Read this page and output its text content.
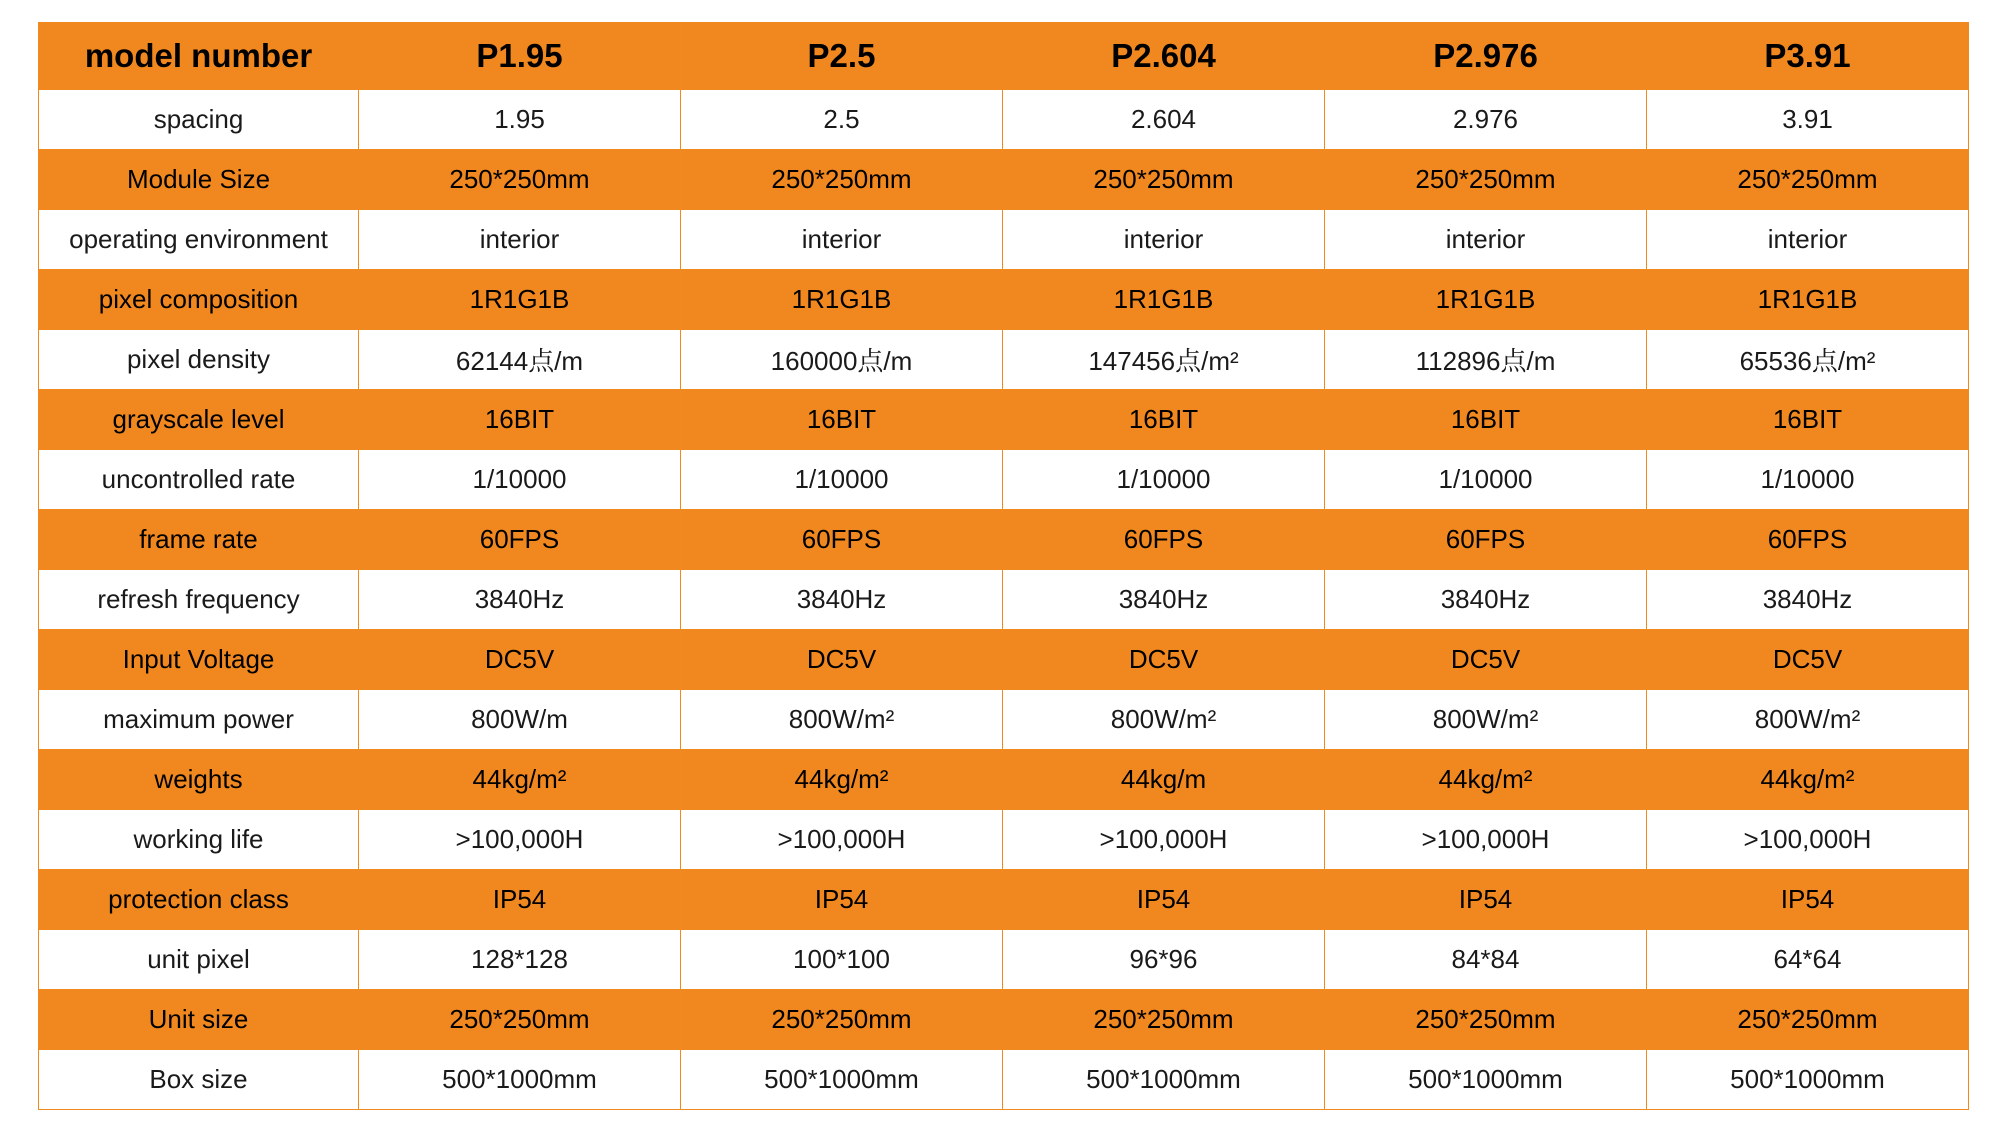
model number	P1.95	P2.5	P2.604	P2.976	P3.91
spacing	1.95	2.5	2.604	2.976	3.91
Module Size	250*250mm	250*250mm	250*250mm	250*250mm	250*250mm
operating environment	interior	interior	interior	interior	interior
pixel composition	1R1G1B	1R1G1B	1R1G1B	1R1G1B	1R1G1B
pixel density	62144点/m	160000点/m	147456点/m²	112896点/m	65536点/m²
grayscale level	16BIT	16BIT	16BIT	16BIT	16BIT
uncontrolled rate	1/10000	1/10000	1/10000	1/10000	1/10000
frame rate	60FPS	60FPS	60FPS	60FPS	60FPS
refresh frequency	3840Hz	3840Hz	3840Hz	3840Hz	3840Hz
Input Voltage	DC5V	DC5V	DC5V	DC5V	DC5V
maximum power	800W/m	800W/m²	800W/m²	800W/m²	800W/m²
weights	44kg/m²	44kg/m²	44kg/m	44kg/m²	44kg/m²
working life	>100,000H	>100,000H	>100,000H	>100,000H	>100,000H
protection class	IP54	IP54	IP54	IP54	IP54
unit pixel	128*128	100*100	96*96	84*84	64*64
Unit size	250*250mm	250*250mm	250*250mm	250*250mm	250*250mm
Box size	500*1000mm	500*1000mm	500*1000mm	500*1000mm	500*1000mm
